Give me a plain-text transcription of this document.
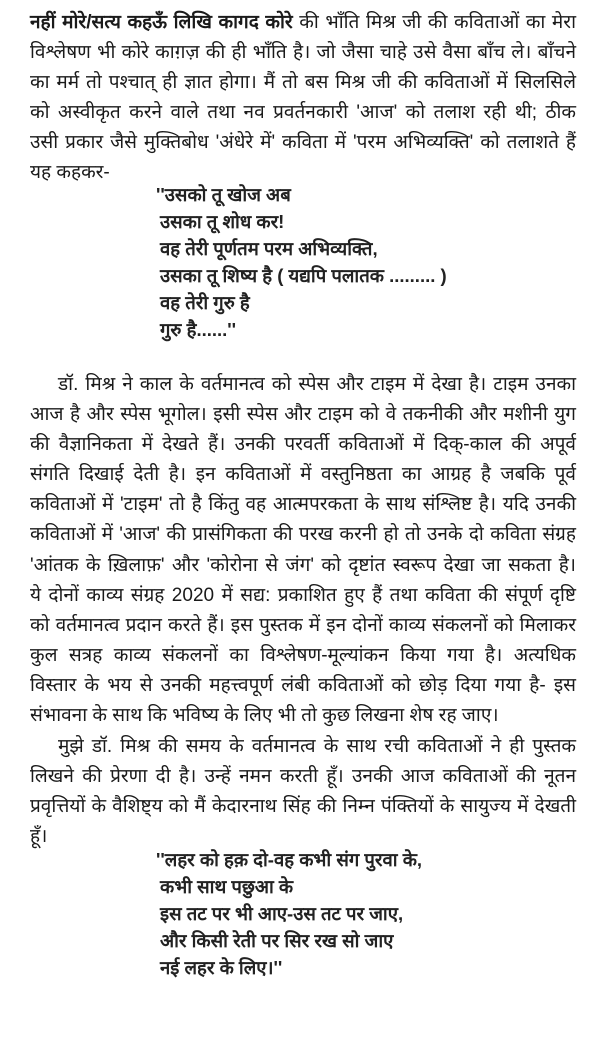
नहीं मोरे/सत्य कहऊँ लिखि कागद कोरे की भाँति मिश्र जी की कविताओं का मेरा
विश्लेषण भी कोरे काग़ज़ की ही भाँति है। जो जैसा चाहे उसे वैसा बाँच ले। बाँचने
का मर्म तो पश्चात् ही ज्ञात होगा। मैं तो बस मिश्र जी की कविताओं में सिलसिले
को अस्वीकृत करने वाले तथा नव प्रवर्तनकारी 'आज' को तलाश रही थी; ठीक
उसी प्रकार जैसे मुक्तिबोध 'अंधेरे में' कविता में 'परम अभिव्यक्ति' को तलाशते हैं
यह कहकर-
''उसको तू खोज अब
उसका तू शोध कर!
वह तेरी पूर्णतम परम अभिव्यक्ति,
उसका तू शिष्य है ( यद्यपि पलातक ......... )
वह तेरी गुरु है
गुरु है......''
डॉ. मिश्र ने काल के वर्तमानत्व को स्पेस और टाइम में देखा है। टाइम उनका
आज है और स्पेस भूगोल। इसी स्पेस और टाइम को वे तकनीकी और मशीनी युग
की वैज्ञानिकता में देखते हैं। उनकी परवर्ती कविताओं में दिक्-काल की अपूर्व
संगति दिखाई देती है। इन कविताओं में वस्तुनिष्ठता का आग्रह है जबकि पूर्व
कविताओं में 'टाइम' तो है किंतु वह आत्मपरकता के साथ संश्लिष्ट है। यदि उनकी
कविताओं में 'आज' की प्रासंगिकता की परख करनी हो तो उनके दो कविता संग्रह
'आंतक के ख़िलाफ़' और 'कोरोना से जंग' को दृष्टांत स्वरूप देखा जा सकता है।
ये दोनों काव्य संग्रह 2020 में सद्य: प्रकाशित हुए हैं तथा कविता की संपूर्ण दृष्टि
को वर्तमानत्व प्रदान करते हैं। इस पुस्तक में इन दोनों काव्य संकलनों को मिलाकर
कुल सत्रह काव्य संकलनों का विश्लेषण-मूल्यांकन किया गया है। अत्यधिक
विस्तार के भय से उनकी महत्त्वपूर्ण लंबी कविताओं को छोड़ दिया गया है- इस
संभावना के साथ कि भविष्य के लिए भी तो कुछ लिखना शेष रह जाए।
मुझे डॉ. मिश्र की समय के वर्तमानत्व के साथ रची कविताओं ने ही पुस्तक
लिखने की प्रेरणा दी है। उन्हें नमन करती हूँ। उनकी आज कविताओं की नूतन
प्रवृत्तियों के वैशिष्ट्य को मैं केदारनाथ सिंह की निम्न पंक्तियों के सायुज्य में देखती
हूँ।
''लहर को हक़ दो-वह कभी संग पुरवा के,
कभी साथ पछुआ के
इस तट पर भी आए-उस तट पर जाए,
और किसी रेती पर सिर रख सो जाए
नई लहर के लिए।''
